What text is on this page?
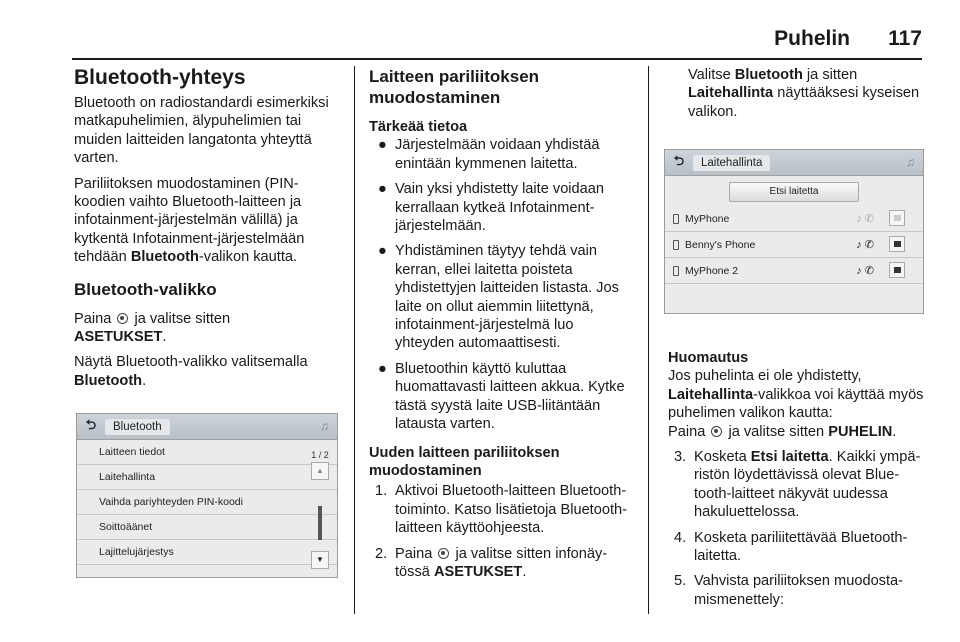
Puhelin 117
Bluetooth-yhteys

Bluetooth on radiostandardi esimerkiksi matkapuhelimien, älypuhelimien tai muiden laitteiden langatonta yhteyttä varten.

Pariliitoksen muodostaminen (PIN-koodien vaihto Bluetooth-laitteen ja infotainment-järjestelmän välillä) ja kytkentä Infotainment-järjestelmään tehdään Bluetooth-valikon kautta.

Bluetooth-valikko

Paina ja valitse sitten
ASETUKSET.

Näytä Bluetooth-valikko valitsemalla Bluetooth.

⮌	Bluetooth	♫
Laitteen tiedot
Laitehallinta
Vaihda pariyhteyden PIN-koodi
Soittoäänet
Lajittelujärjestys
1 / 2
▲
▼
Laitteen pariliitoksen muodostaminen
Tärkeää tietoa
● Järjestelmään voidaan yhdistää enintään kymmenen laitetta.
● Vain yksi yhdistetty laite voidaan kerrallaan kytkeä Infotainment-järjestelmään.
● Yhdistäminen täytyy tehdä vain kerran, ellei laitetta poisteta yhdistettyjen laitteiden listasta. Jos laite on ollut aiemmin liitettynä, infotainment-järjestelmä luo yhteyden automaattisesti.
● Bluetoothin käyttö kuluttaa huomattavasti laitteen akkua. Kytke tästä syystä laite USB-liitäntään latausta varten.
Uuden laitteen pariliitoksen muodostaminen
1. Aktivoi Bluetooth-laitteen Bluetooth-toiminto. Katso lisätietoja Bluetooth-laitteen käyttöohjeesta.
2. Paina ja valitse sitten infonäytössä ASETUKSET.

Valitse Bluetooth ja sitten Laitehallinta näyttääksesi kyseisen valikon.

⮌	Laitehallinta	♫
Etsi laitetta
MyPhone	♪✆
Benny's Phone	♪✆
MyPhone 2	♪✆
Huomautus

Jos puhelinta ei ole yhdistetty, Laitehallinta-valikkoa voi käyttää myös puhelimen valikon kautta:
Paina ja valitse sitten PUHELIN.

3. Kosketa Etsi laitetta. Kaikki ympäristön löydettävissä olevat Bluetooth-laitteet näkyvät uudessa hakuluettelossa.
4. Kosketa pariliitettävää Bluetooth-laitetta.
5. Vahvista pariliitoksen muodostamismenettely:
